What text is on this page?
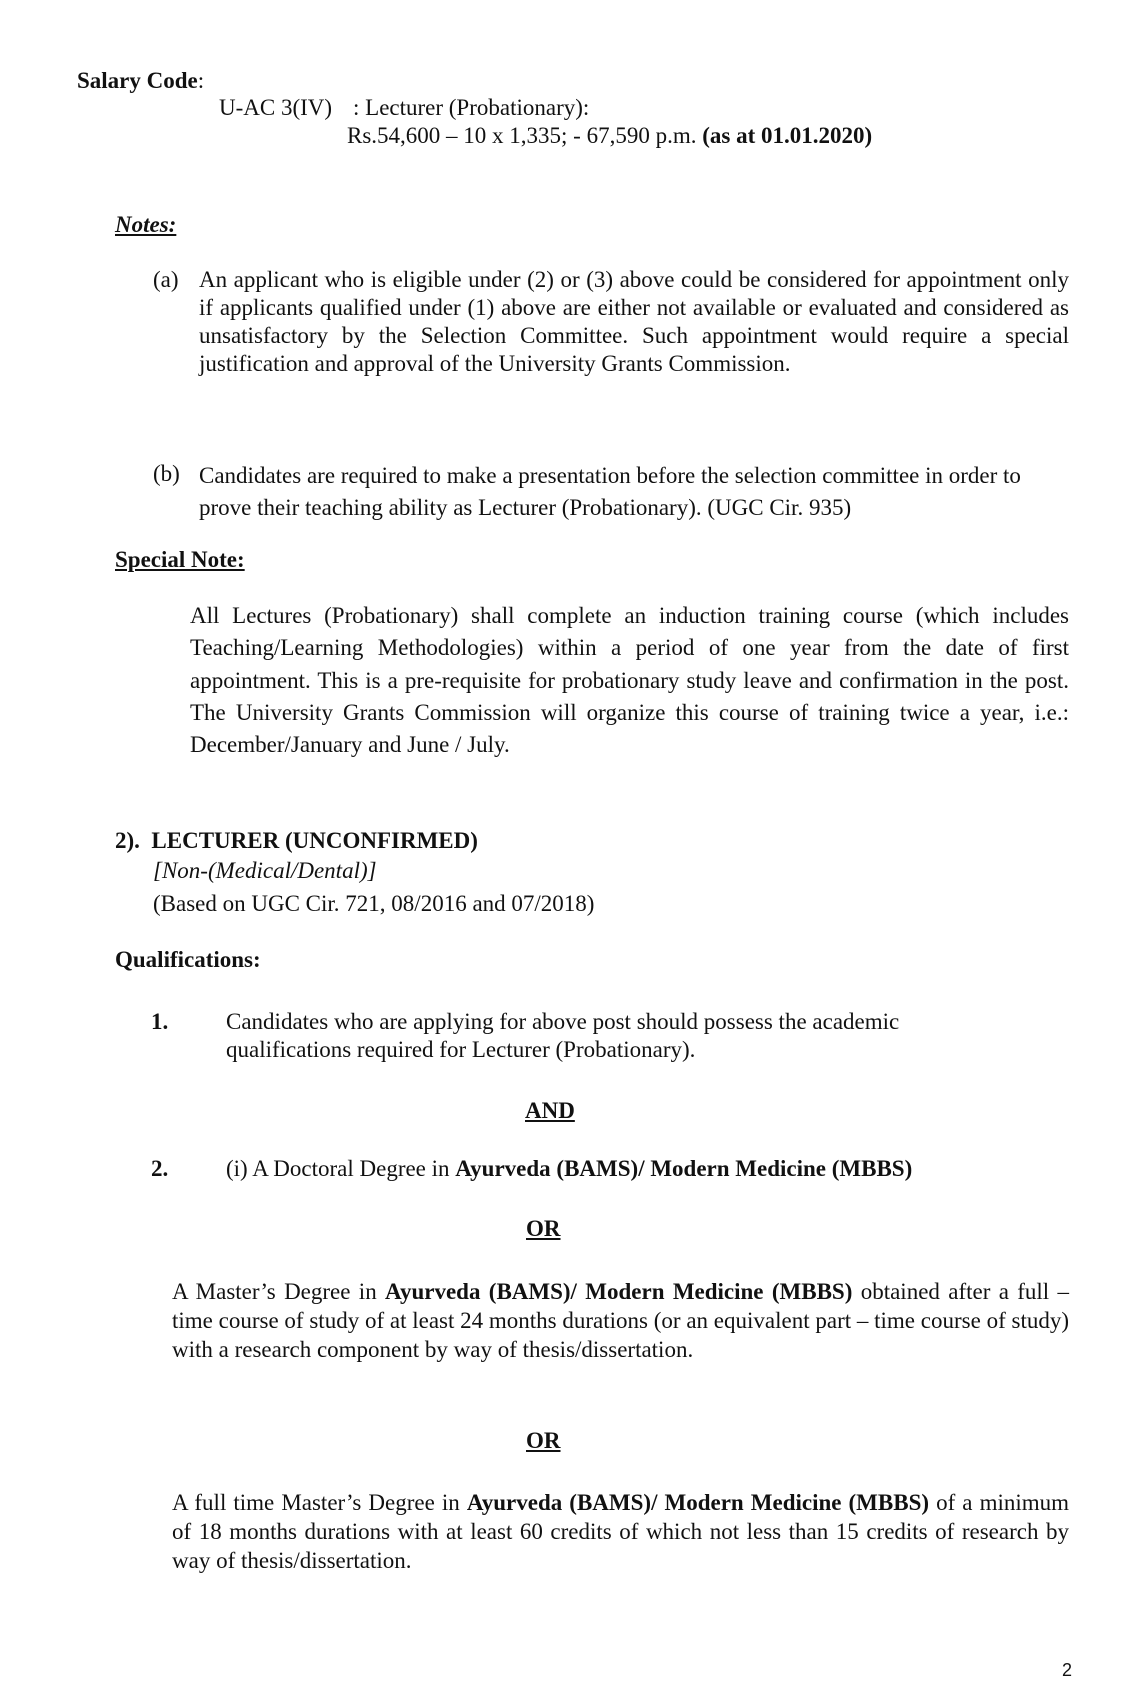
Salary Code:
U-AC 3(IV) : Lecturer (Probationary):
Rs.54,600 – 10 x 1,335; - 67,590 p.m. (as at 01.01.2020)
Notes:
(a) An applicant who is eligible under (2) or (3) above could be considered for appointment only if applicants qualified under (1) above are either not available or evaluated and considered as unsatisfactory by the Selection Committee. Such appointment would require a special justification and approval of the University Grants Commission.
(b) Candidates are required to make a presentation before the selection committee in order to prove their teaching ability as Lecturer (Probationary). (UGC Cir. 935)
Special Note:
All Lectures (Probationary) shall complete an induction training course (which includes Teaching/Learning Methodologies) within a period of one year from the date of first appointment. This is a pre-requisite for probationary study leave and confirmation in the post. The University Grants Commission will organize this course of training twice a year, i.e.: December/January and June / July.
2). LECTURER (UNCONFIRMED)
[Non-(Medical/Dental)]
(Based on UGC Cir. 721, 08/2016 and 07/2018)
Qualifications:
1.	Candidates who are applying for above post should possess the academic qualifications required for Lecturer (Probationary).
AND
2.	(i) A Doctoral Degree in Ayurveda (BAMS)/ Modern Medicine (MBBS)
OR
A Master’s Degree in Ayurveda (BAMS)/ Modern Medicine (MBBS) obtained after a full – time course of study of at least 24 months durations (or an equivalent part – time course of study) with a research component by way of thesis/dissertation.
OR
A full time Master’s Degree in Ayurveda (BAMS)/ Modern Medicine (MBBS) of a minimum of 18 months durations with at least 60 credits of which not less than 15 credits of research by way of thesis/dissertation.
2
